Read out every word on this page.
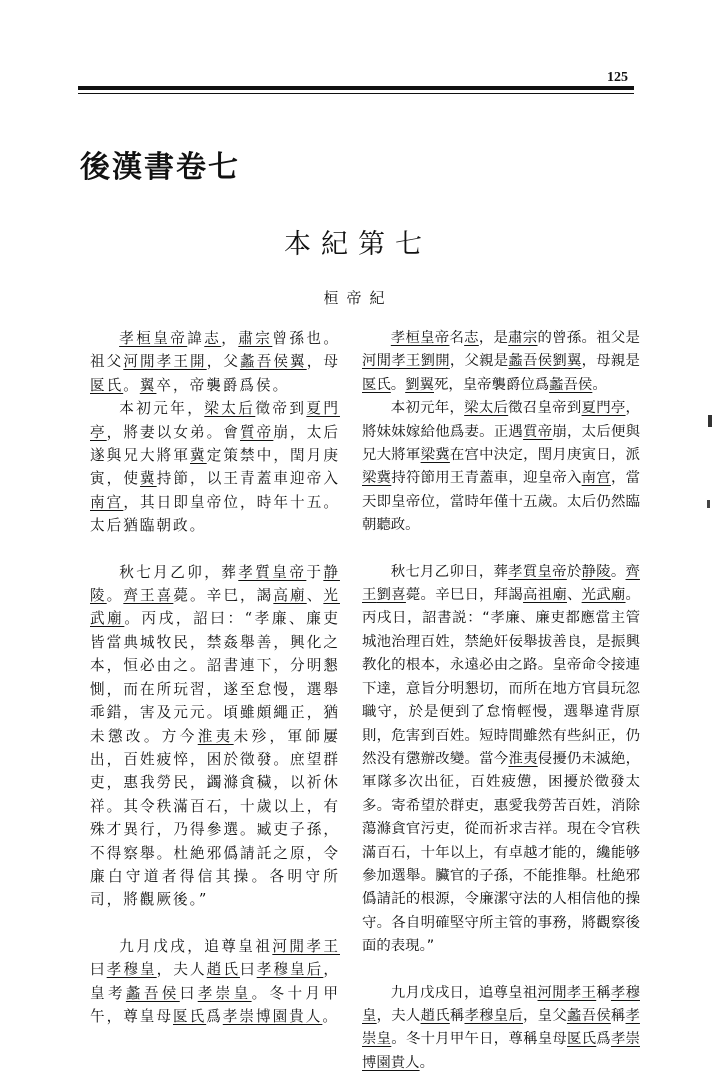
125
後漢書卷七
本紀第七
桓帝紀

孝桓皇帝諱志，肅宗曾孫也。祖父河閒孝王開，父蠡吾侯翼，母匽氏。翼卒，帝襲爵爲侯。

本初元年，梁太后徵帝到夏門亭，將妻以女弟。會質帝崩，太后遂與兄大將軍冀定策禁中，閏月庚寅，使冀持節，以王青蓋車迎帝入南宫，其日即皇帝位，時年十五。太后猶臨朝政。

秋七月乙卯，葬孝質皇帝于静陵。齊王喜薨。辛巳，謁高廟、光武廟。丙戌，詔曰：“孝廉、廉吏皆當典城牧民，禁姦舉善，興化之本，恒必由之。詔書連下，分明懇惻，而在所玩習，遂至怠慢，選舉乖錯，害及元元。頃雖頗繩正，猶未懲改。方今淮夷未殄，軍師屢出，百姓疲悴，困於徵發。庶望群吏，惠我勞民，蠲滌貪穢，以祈休祥。其令秩滿百石，十歲以上，有殊才異行，乃得參選。臧吏子孫，不得察舉。杜絶邪僞請託之原，令廉白守道者得信其操。各明守所司，將觀厥後。”

九月戊戌，追尊皇祖河閒孝王曰孝穆皇，夫人趙氏曰孝穆皇后，皇考蠡吾侯曰孝崇皇。冬十月甲午，尊皇母匽氏爲孝崇博園貴人。

孝桓皇帝名志，是肅宗的曾孫。祖父是河閒孝王劉開，父親是蠡吾侯劉翼，母親是匽氏。劉翼死，皇帝襲爵位爲蠡吾侯。

本初元年，梁太后徵召皇帝到夏門亭，將妹妹嫁給他爲妻。正遇質帝崩，太后便與兄大將軍梁冀在宫中決定，閏月庚寅日，派梁冀持符節用王青蓋車，迎皇帝入南宫，當天即皇帝位，當時年僅十五歲。太后仍然臨朝聽政。

秋七月乙卯日，葬孝質皇帝於静陵。齊王劉喜薨。辛巳日，拜謁高祖廟、光武廟。丙戌日，詔書説：“孝廉、廉吏都應當主管城池治理百姓，禁絶奸佞舉拔善良，是振興教化的根本，永遠必由之路。皇帝命令接連下達，意旨分明懇切，而所在地方官員玩忽職守，於是便到了怠惰輕慢，選舉違背原則，危害到百姓。短時間雖然有些糾正，仍然没有懲辦改變。當今淮夷侵擾仍未滅絶，軍隊多次出征，百姓疲憊，困擾於徵發太多。寄希望於群吏，惠愛我勞苦百姓，消除蕩滌貪官污吏，從而祈求吉祥。現在令官秩滿百石，十年以上，有卓越才能的，纔能够參加選舉。臟官的子孫，不能推舉。杜絶邪僞請託的根源，令廉潔守法的人相信他的操守。各自明確堅守所主管的事務，將觀察後面的表現。”

九月戊戌日，追尊皇祖河閒孝王稱孝穆皇，夫人趙氏稱孝穆皇后，皇父蠡吾侯稱孝崇皇。冬十月甲午日，尊稱皇母匽氏爲孝崇博園貴人。
